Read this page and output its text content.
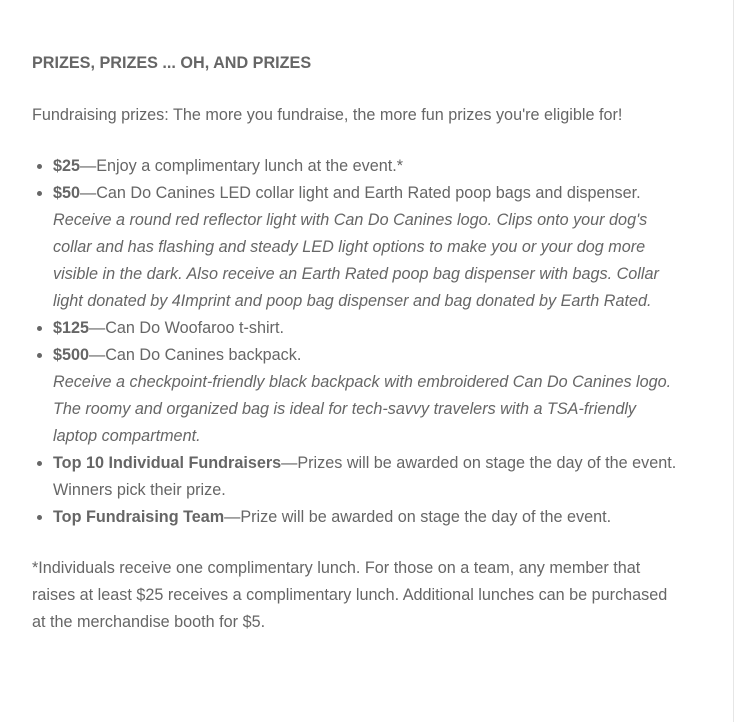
PRIZES, PRIZES ... OH, AND PRIZES

Fundraising prizes: The more you fundraise, the more fun prizes you're eligible for!

• $25—Enjoy a complimentary lunch at the event.*
• $50—Can Do Canines LED collar light and Earth Rated poop bags and dispenser.
Receive a round red reflector light with Can Do Canines logo. Clips onto your dog's collar and has flashing and steady LED light options to make you or your dog more visible in the dark. Also receive an Earth Rated poop bag dispenser with bags. Collar light donated by 4Imprint and poop bag dispenser and bag donated by Earth Rated.
• $125—Can Do Woofaroo t-shirt.
• $500—Can Do Canines backpack.
Receive a checkpoint-friendly black backpack with embroidered Can Do Canines logo. The roomy and organized bag is ideal for tech-savvy travelers with a TSA-friendly laptop compartment.
• Top 10 Individual Fundraisers—Prizes will be awarded on stage the day of the event. Winners pick their prize.
• Top Fundraising Team—Prize will be awarded on stage the day of the event.

*Individuals receive one complimentary lunch. For those on a team, any member that raises at least $25 receives a complimentary lunch. Additional lunches can be purchased at the merchandise booth for $5.
